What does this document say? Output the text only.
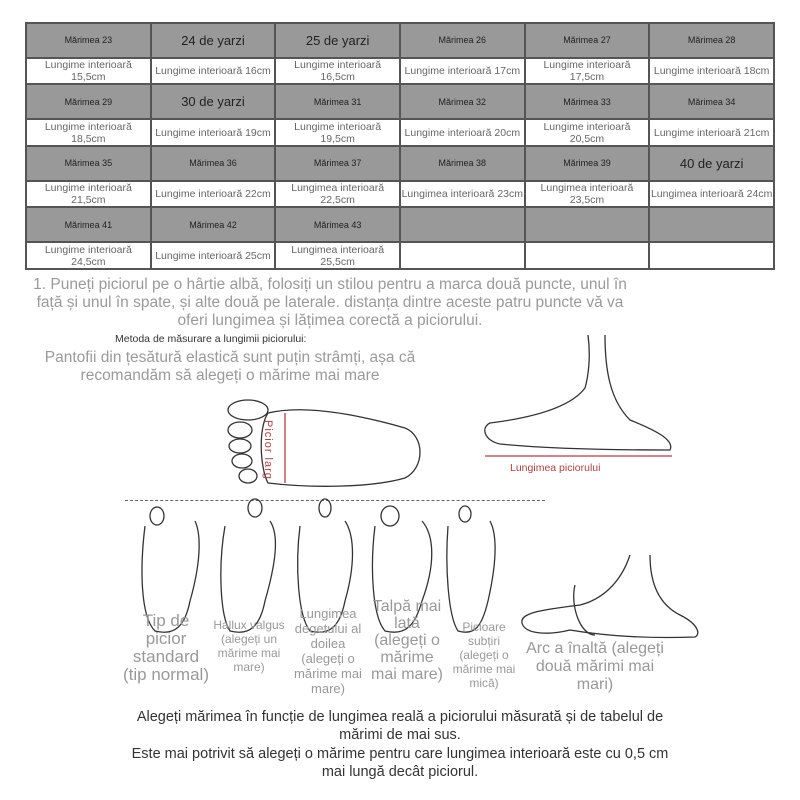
Mărimea 23	24 de yarzi	25 de yarzi	Mărimea 26	Mărimea 27	Mărimea 28
Lungime interioară 15,5cm	Lungime interioară 16cm	Lungime interioară 16,5cm	Lungime interioară 17cm	Lungime interioară 17,5cm	Lungime interioară 18cm
Mărimea 29	30 de yarzi	Mărimea 31	Mărimea 32	Mărimea 33	Mărimea 34
Lungime interioară 18,5cm	Lungime interioară 19cm	Lungime interioară 19,5cm	Lungime interioară 20cm	Lungime interioară 20,5cm	Lungime interioară 21cm
Mărimea 35	Mărimea 36	Mărimea 37	Mărimea 38	Mărimea 39	40 de yarzi
Lungime interioară 21,5cm	Lungime interioară 22cm	Lungimea interioară 22,5cm	Lungimea interioară 23cm	Lungimea interioară 23,5cm	Lungimea interioară 24cm
Mărimea 41	Mărimea 42	Mărimea 43			
Lungime interioară 24,5cm	Lungime interioară 25cm	Lungimea interioară 25,5cm			
1. Puneți piciorul pe o hârtie albă, folosiți un stilou pentru a marca două puncte, unul în față și unul în spate, și alte două pe laterale. distanța dintre aceste patru puncte vă va oferi lungimea și lățimea corectă a piciorului.
Metoda de măsurare a lungimii piciorului:
Pantofii din țesătură elastică sunt puțin strâmți, așa că recomandăm să alegeți o mărime mai mare
Picior larg	Lungimea piciorului
Tip de picior standard (tip normal)
Hallux valgus (alegeți un mărime mai mare)
Lungimea degetului al doilea (alegeți o mărime mai mare)
Talpă mai lată (alegeți o mărime mai mare)
Picioare subțiri (alegeți o mărime mai mică)
Arc a înaltă (alegeți două mărimi mai mari)
Alegeți mărimea în funcție de lungimea reală a piciorului măsurată și de tabelul de mărimi de mai sus.
Este mai potrivit să alegeți o mărime pentru care lungimea interioară este cu 0,5 cm mai lungă decât piciorul.
